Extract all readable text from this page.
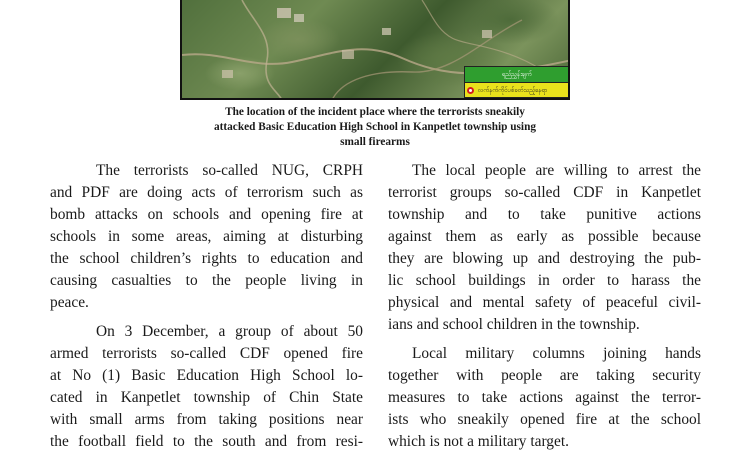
ရည်ညွှန်းချက်
လက်နက်ကိုင်ပစ်ခတ်သည့်နေရာ
The location of the incident place where the terrorists sneakily
attacked Basic Education High School in Kanpetlet township using
small firearms
The terrorists so-called NUG, CRPH
and PDF are doing acts of terrorism such as
bomb attacks on schools and opening fire at
schools in some areas, aiming at disturbing
the school children’s rights to education and
causing casualties to the people living in
peace.
On 3 December, a group of about 50
armed terrorists so-called CDF opened fire
at No (1) Basic Education High School lo-
cated in Kanpetlet township of Chin State
with small arms from taking positions near
the football field to the south and from resi-
The local people are willing to arrest the
terrorist groups so-called CDF in Kanpetlet
township and to take punitive actions
against them as early as possible because
they are blowing up and destroying the pub-
lic school buildings in order to harass the
physical and mental safety of peaceful civil-
ians and school children in the township.
Local military columns joining hands
together with people are taking security
measures to take actions against the terror-
ists who sneakily opened fire at the school
which is not a military target.
